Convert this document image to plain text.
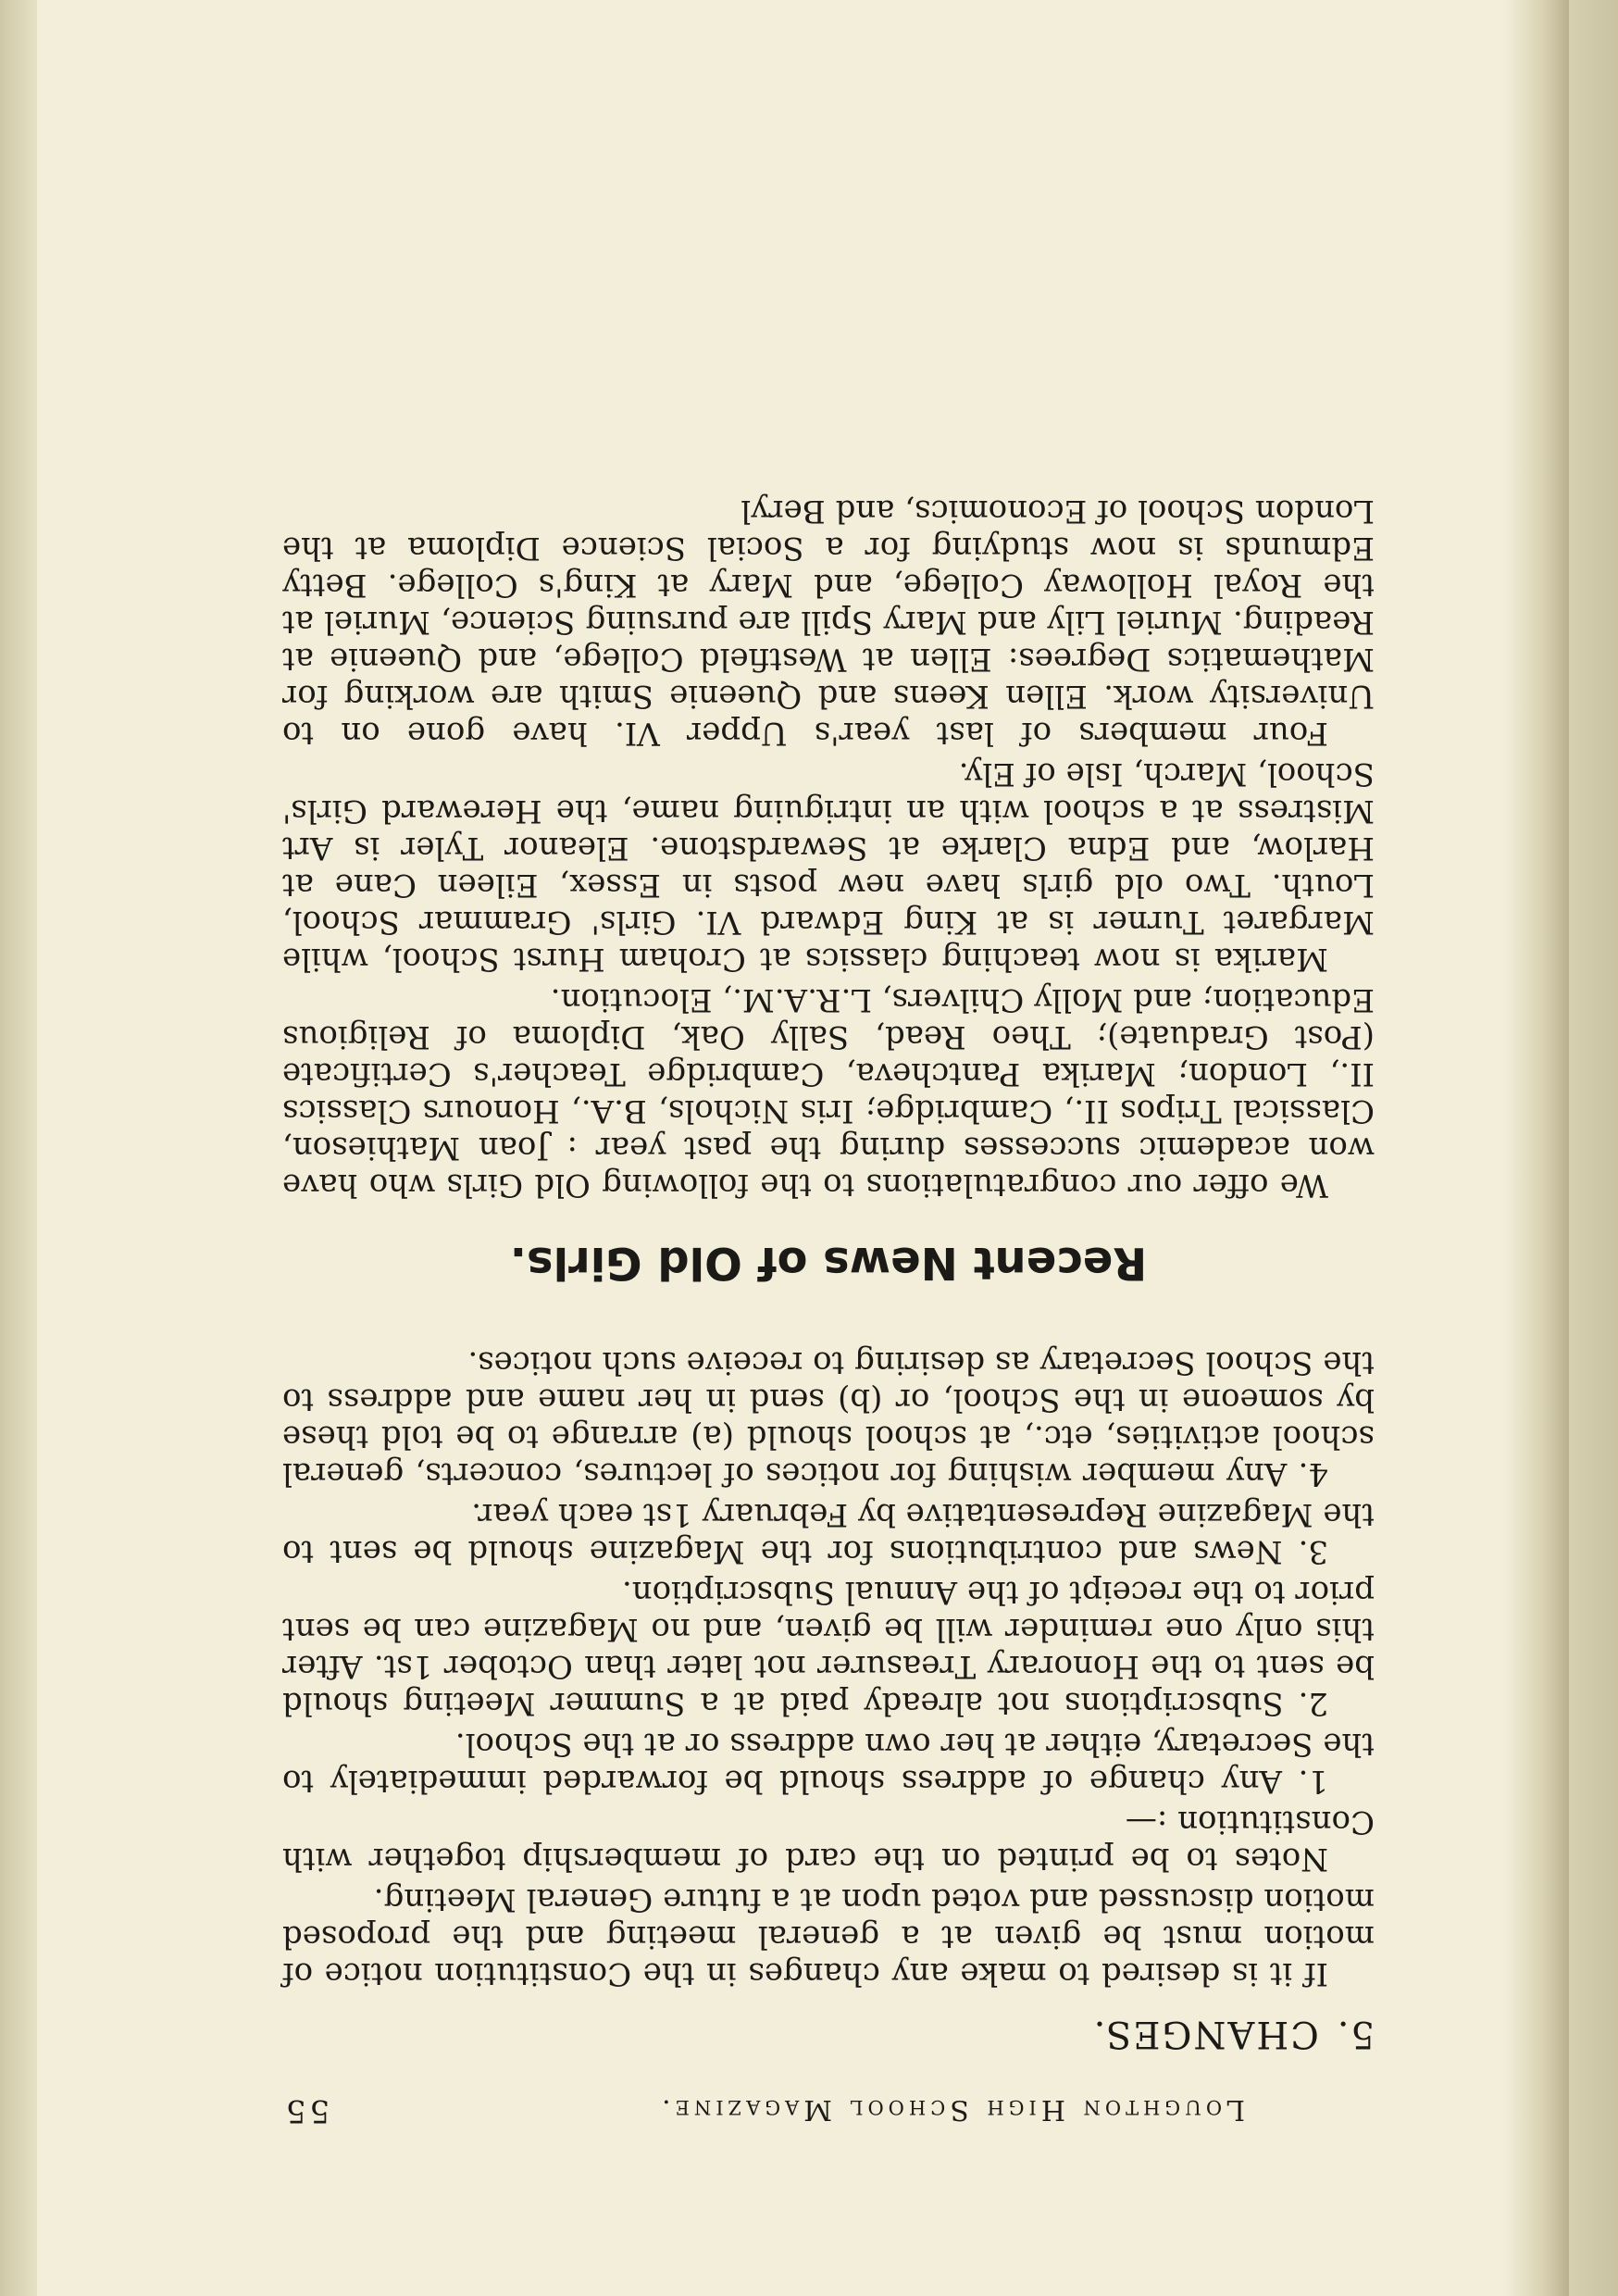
Loughton High School Magazine.
55
5.CHANGES.

If it is desired to make any changes in the Constitution notice of motion must be given at a general meeting and the proposed motion discussed and voted upon at a future General Meeting.

Notes to be printed on the card of membership together with Constitution :—

1. Any change of address should be forwarded immediately to the Secretary, either at her own address or at the School.

2. Subscriptions not already paid at a Summer Meeting should be sent to the Honorary Treasurer not later than October 1st. After this only one reminder will be given, and no Magazine can be sent prior to the receipt of the Annual Subscription.

3. News and contributions for the Magazine should be sent to the Magazine Representative by February 1st each year.

4. Any member wishing for notices of lectures, concerts, general school activities, etc., at school should (a) arrange to be told these by someone in the School, or (b) send in her name and address to the School Secretary as desiring to receive such notices.

Recent News of Old Girls.

We offer our congratulations to the following Old Girls who have won academic successes during the past year : Joan Mathieson, Classical Tripos II., Cambridge; Iris Nichols, B.A., Honours Classics II., London; Marika Pantcheva, Cambridge Teacher's Certificate (Post Graduate); Theo Read, Sally Oak, Diploma of Religious Education; and Molly Chilvers, L.R.A.M., Elocution.

Marika is now teaching classics at Croham Hurst School, while Margaret Turner is at King Edward VI. Girls' Grammar School, Louth. Two old girls have new posts in Essex, Eileen Cane at Harlow, and Edna Clarke at Sewardstone. Eleanor Tyler is Art Mistress at a school with an intriguing name, the Hereward Girls' School, March, Isle of Ely.

Four members of last year's Upper VI. have gone on to University work. Ellen Keens and Queenie Smith are working for Mathematics Degrees: Ellen at Westfield College, and Queenie at Reading. Muriel Lily and Mary Spill are pursuing Science, Muriel at the Royal Holloway College, and Mary at King's College. Betty Edmunds is now studying for a Social Science Diploma at the London School of Economics, and Beryl
